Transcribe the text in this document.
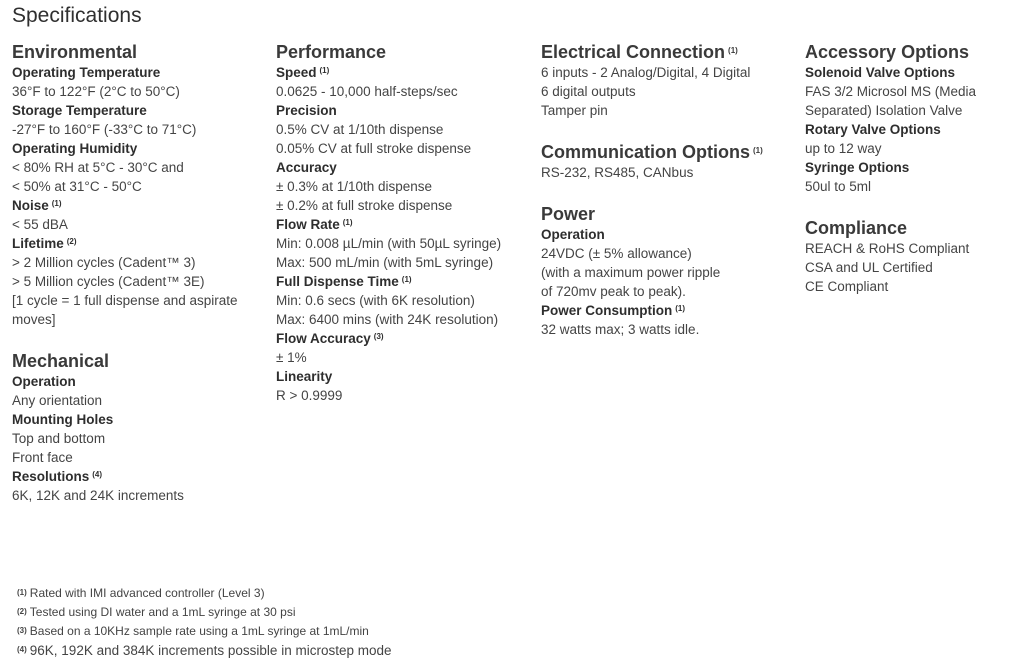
Specifications
Environmental
Operating Temperature
36°F to 122°F (2°C to 50°C)
Storage Temperature
-27°F to 160°F (-33°C to 71°C)
Operating Humidity
< 80% RH at 5°C - 30°C and
< 50% at 31°C - 50°C
Noise $^{(1)}$
< 55 dBA
Lifetime $^{(2)}$
> 2 Million cycles (Cadent™ 3)
> 5 Million cycles (Cadent™ 3E)
[1 cycle = 1 full dispense and aspirate
moves]
Mechanical
Operation
Any orientation
Mounting Holes
Top and bottom
Front face
Resolutions $^{(4)}$
6K, 12K and 24K increments
Performance
Speed $^{(1)}$
0.0625 - 10,000 half-steps/sec
Precision
0.5% CV at 1/10th dispense
0.05% CV at full stroke dispense
Accuracy
± 0.3% at 1/10th dispense
± 0.2% at full stroke dispense
Flow Rate $^{(1)}$
Min: 0.008 µL/min (with 50µL syringe)
Max: 500 mL/min (with 5mL syringe)
Full Dispense Time $^{(1)}$
Min: 0.6 secs (with 6K resolution)
Max: 6400 mins (with 24K resolution)
Flow Accuracy $^{(3)}$
± 1%
Linearity
R > 0.9999
Electrical Connection $^{(1)}$
6 inputs - 2 Analog/Digital, 4 Digital
6 digital outputs
Tamper pin
Communication Options $^{(1)}$
RS-232, RS485, CANbus
Power
Operation
24VDC (± 5% allowance)
(with a maximum power ripple
of 720mv peak to peak).
Power Consumption $^{(1)}$
32 watts max; 3 watts idle.
Accessory Options
Solenoid Valve Options
FAS 3/2 Microsol MS (Media
Separated) Isolation Valve
Rotary Valve Options
up to 12 way
Syringe Options
50ul to 5ml
Compliance
REACH & RoHS Compliant
CSA and UL Certified
CE Compliant
$^{(1)}$ Rated with IMI advanced controller (Level 3)
$^{(2)}$ Tested using DI water and a 1mL syringe at 30 psi
$^{(3)}$ Based on a 10KHz sample rate using a 1mL syringe at 1mL/min
$^{(4)}$ 96K, 192K and 384K increments possible in microstep mode
